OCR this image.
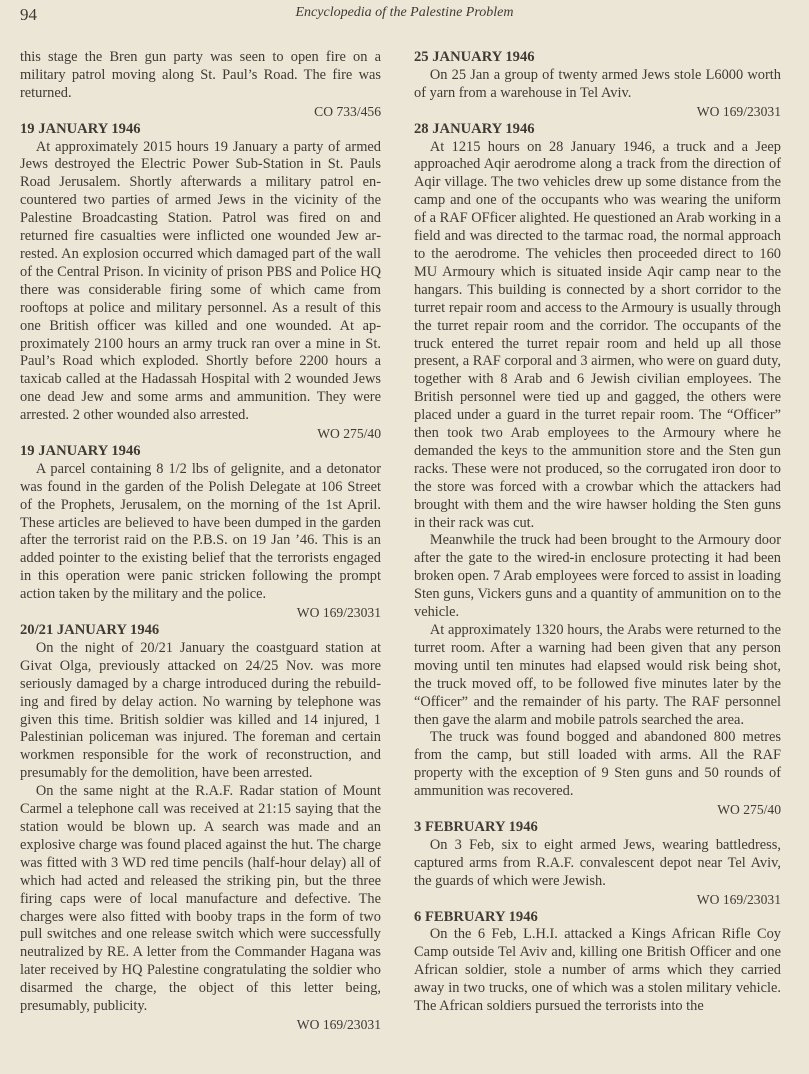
94	Encyclopedia of the Palestine Problem

this stage the Bren gun party was seen to open fire on a military patrol moving along St. Paul’s Road. The fire was returned.

CO 733/456

19 JANUARY 1946

At approximately 2015 hours 19 January a party of armed Jews destroyed the Electric Power Sub-Station in St. Pauls Road Jerusalem. Shortly afterwards a military patrol encountered two parties of armed Jews in the vicinity of the Palestine Broadcasting Station. Patrol was fired on and returned fire casualties were inflicted one wounded Jew arrested. An explosion occurred which damaged part of the wall of the Central Prison. In vicinity of prison PBS and Police HQ there was considerable firing some of which came from rooftops at police and military personnel. As a result of this one British officer was killed and one wounded. At approximately 2100 hours an army truck ran over a mine in St. Paul’s Road which exploded. Shortly before 2200 hours a taxicab called at the Hadassah Hospital with 2 wounded Jews one dead Jew and some arms and ammunition. They were arrested. 2 other wounded also arrested.

WO 275/40

19 JANUARY 1946

A parcel containing 8 1/2 lbs of gelignite, and a detonator was found in the garden of the Polish Delegate at 106 Street of the Prophets, Jerusalem, on the morning of the 1st April. These articles are believed to have been dumped in the garden after the terrorist raid on the P.B.S. on 19 Jan ’46. This is an added pointer to the existing belief that the terrorists engaged in this operation were panic stricken following the prompt action taken by the military and the police.

WO 169/23031

20/21 JANUARY 1946

On the night of 20/21 January the coastguard station at Givat Olga, previously attacked on 24/25 Nov. was more seriously damaged by a charge introduced during the rebuilding and fired by delay action. No warning by telephone was given this time. British soldier was killed and 14 injured, 1 Palestinian policeman was injured. The foreman and certain workmen responsible for the work of reconstruction, and presumably for the demolition, have been arrested.

On the same night at the R.A.F. Radar station of Mount Carmel a telephone call was received at 21:15 saying that the station would be blown up. A search was made and an explosive charge was found placed against the hut. The charge was fitted with 3 WD red time pencils (half-hour delay) all of which had acted and released the striking pin, but the three firing caps were of local manufacture and defective. The charges were also fitted with booby traps in the form of two pull switches and one release switch which were successfully neutralized by RE. A letter from the Commander Hagana was later received by HQ Palestine congratulating the soldier who disarmed the charge, the object of this letter being, presumably, publicity.

WO 169/23031

25 JANUARY 1946

On 25 Jan a group of twenty armed Jews stole L6000 worth of yarn from a warehouse in Tel Aviv.

WO 169/23031

28 JANUARY 1946

At 1215 hours on 28 January 1946, a truck and a Jeep approached Aqir aerodrome along a track from the direction of Aqir village. The two vehicles drew up some distance from the camp and one of the occupants who was wearing the uniform of a RAF OFficer alighted. He questioned an Arab working in a field and was directed to the tarmac road, the normal approach to the aerodrome. The vehicles then proceeded direct to 160 MU Armoury which is situated inside Aqir camp near to the hangars. This building is connected by a short corridor to the turret repair room and access to the Armoury is usually through the turret repair room and the corridor. The occupants of the truck entered the turret repair room and held up all those present, a RAF corporal and 3 airmen, who were on guard duty, together with 8 Arab and 6 Jewish civilian employees. The British personnel were tied up and gagged, the others were placed under a guard in the turret repair room. The “Officer” then took two Arab employees to the Armoury where he demanded the keys to the ammunition store and the Sten gun racks. These were not produced, so the corrugated iron door to the store was forced with a crowbar which the attackers had brought with them and the wire hawser holding the Sten guns in their rack was cut.

Meanwhile the truck had been brought to the Armoury door after the gate to the wired-in enclosure protecting it had been broken open. 7 Arab employees were forced to assist in loading Sten guns, Vickers guns and a quantity of ammunition on to the vehicle.

At approximately 1320 hours, the Arabs were returned to the turret room. After a warning had been given that any person moving until ten minutes had elapsed would risk being shot, the truck moved off, to be followed five minutes later by the “Officer” and the remainder of his party. The RAF personnel then gave the alarm and mobile patrols searched the area.

The truck was found bogged and abandoned 800 metres from the camp, but still loaded with arms. All the RAF property with the exception of 9 Sten guns and 50 rounds of ammunition was recovered.

WO 275/40

3 FEBRUARY 1946

On 3 Feb, six to eight armed Jews, wearing battledress, captured arms from R.A.F. convalescent depot near Tel Aviv, the guards of which were Jewish.

WO 169/23031

6 FEBRUARY 1946

On the 6 Feb, L.H.I. attacked a Kings African Rifle Coy Camp outside Tel Aviv and, killing one British Officer and one African soldier, stole a number of arms which they carried away in two trucks, one of which was a stolen military vehicle. The African soldiers pursued the terrorists into the
